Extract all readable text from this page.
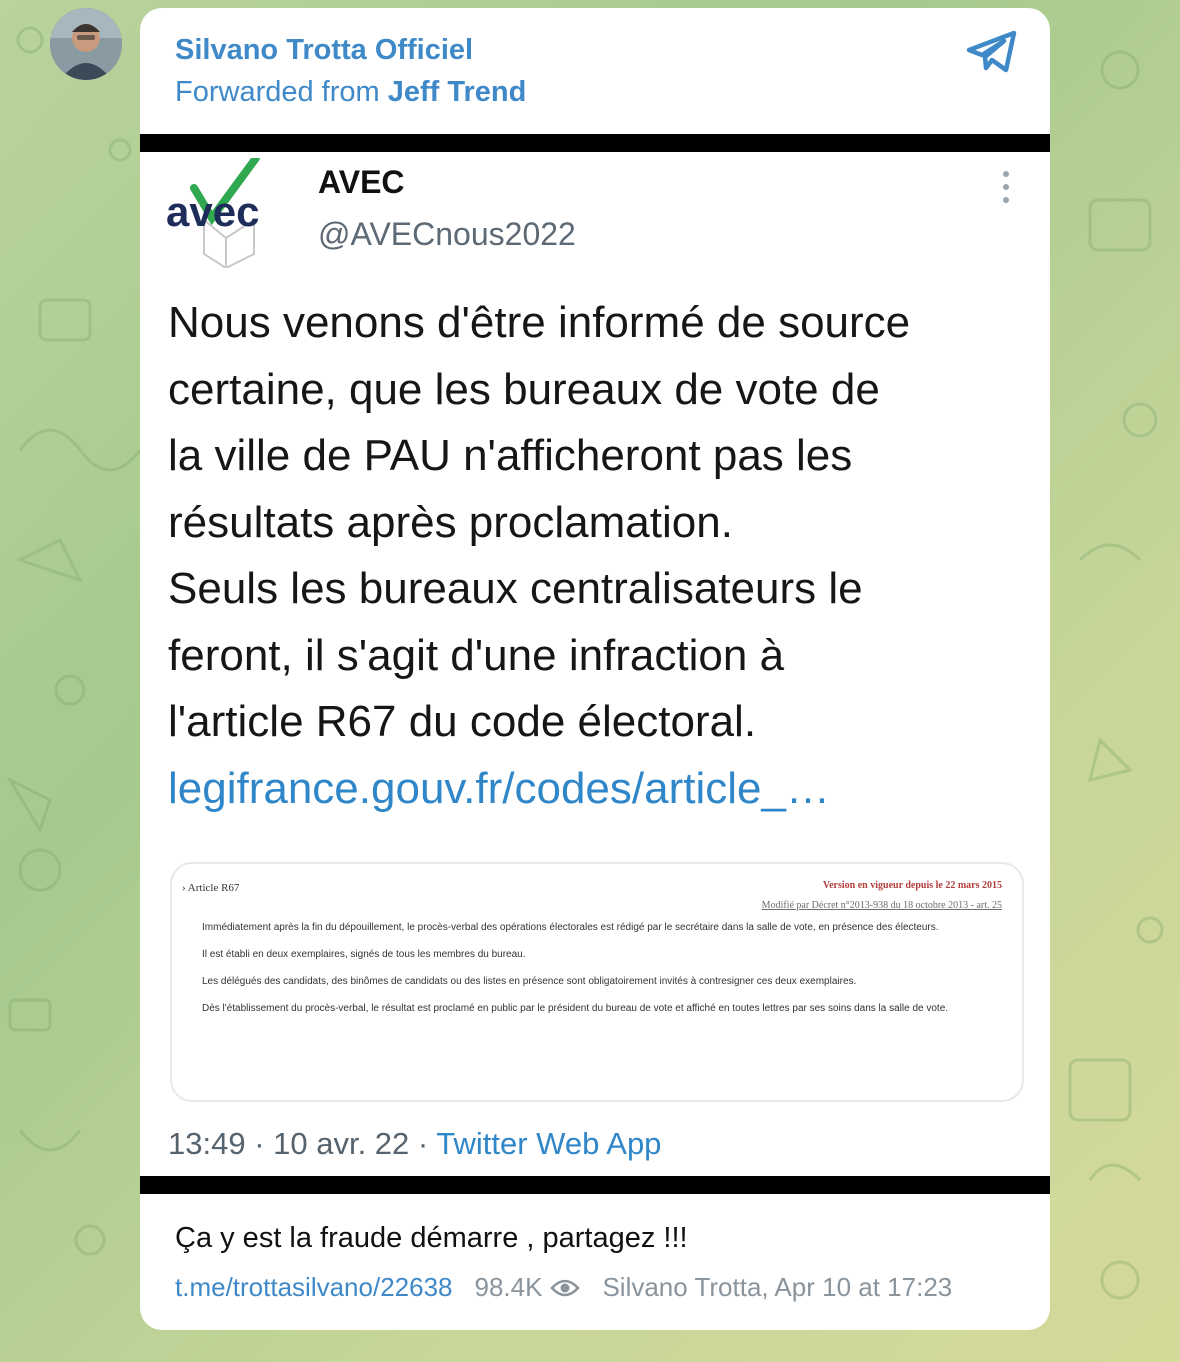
Silvano Trotta Officiel
Forwarded from Jeff Trend
avec
AVEC
@AVECnous2022

Nous venons d'être informé de source

certaine, que les bureaux de vote de

la ville de PAU n'afficheront pas les

résultats après proclamation.

Seuls les bureaux centralisateurs le

feront, il s'agit d'une infraction à

l'article R67 du code électoral.

legifrance.gouv.fr/codes/article_…

› Article R67	Version en vigueur depuis le 22 mars 2015
Modifié par Décret n°2013-938 du 18 octobre 2013 - art. 25
Immédiatement après la fin du dépouillement, le procès-verbal des opérations électorales est rédigé par le secrétaire dans la salle de vote, en présence des électeurs.
Il est établi en deux exemplaires, signés de tous les membres du bureau.
Les délégués des candidats, des binômes de candidats ou des listes en présence sont obligatoirement invités à contresigner ces deux exemplaires.
Dès l'établissement du procès-verbal, le résultat est proclamé en public par le président du bureau de vote et affiché en toutes lettres par ses soins dans la salle de vote.
13:49 · 10 avr. 22 · Twitter Web App
Ça y est la fraude démarre , partagez !!!
t.me/trottasilvano/22638 98.4K Silvano Trotta, Apr 10 at 17:23
